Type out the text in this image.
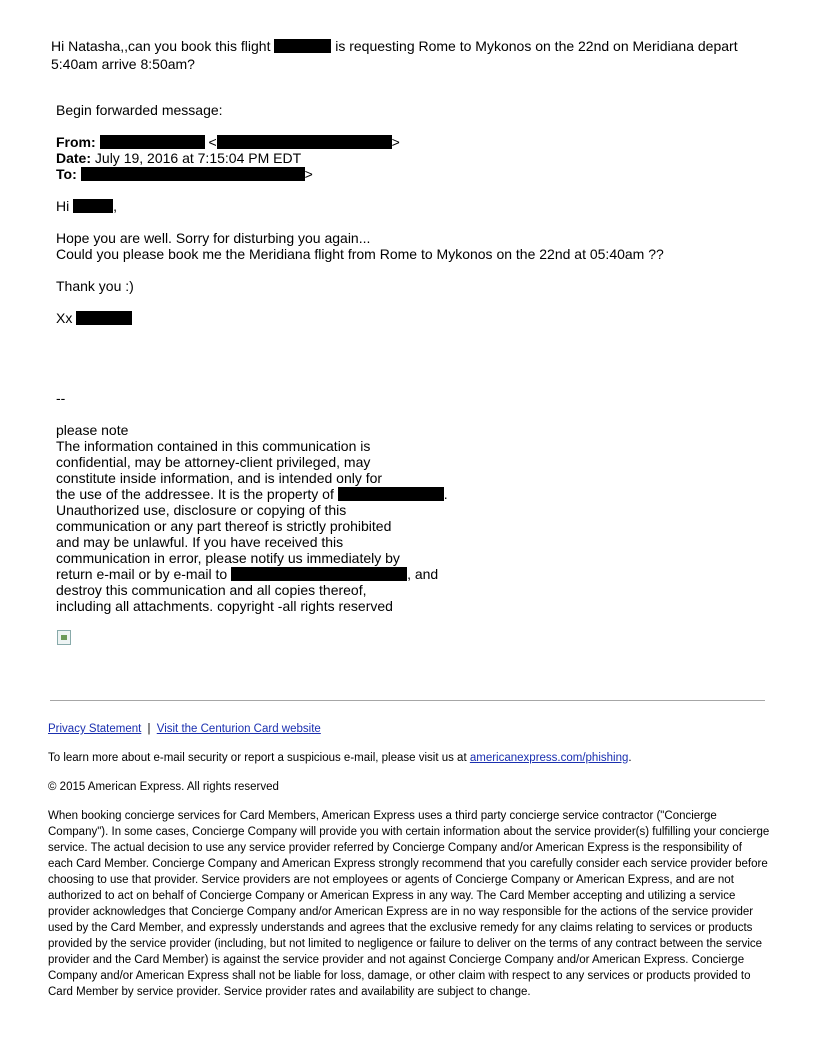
Hi Natasha,,can you book this flight	is requesting Rome to Mykonos on the 22nd on Meridiana depart
5:40am arrive 8:50am?
Begin forwarded message:
From:	<	>
Date: July 19, 2016 at 7:15:04 PM EDT
To:	>
Hi	,
Hope you are well. Sorry for disturbing you again...
Could you please book me the Meridiana flight from Rome to Mykonos on the 22nd at 05:40am ??
Thank you :)
Xx
--
please note
The information contained in this communication is
confidential, may be attorney-client privileged, may
constitute inside information, and is intended only for
the use of the addressee. It is the property of	.
Unauthorized use, disclosure or copying of this
communication or any part thereof is strictly prohibited
and may be unlawful. If you have received this
communication in error, please notify us immediately by
return e-mail or by e-mail to	, and
destroy this communication and all copies thereof,
including all attachments. copyright -all rights reserved
Privacy Statement | Visit the Centurion Card website
To learn more about e-mail security or report a suspicious e-mail, please visit us at americanexpress.com/phishing.
© 2015 American Express. All rights reserved
When booking concierge services for Card Members, American Express uses a third party concierge service contractor ("Concierge Company"). In some cases, Concierge Company will provide you with certain information about the service provider(s) fulfilling your concierge service. The actual decision to use any service provider referred by Concierge Company and/or American Express is the responsibility of each Card Member. Concierge Company and American Express strongly recommend that you carefully consider each service provider before choosing to use that provider. Service providers are not employees or agents of Concierge Company or American Express, and are not authorized to act on behalf of Concierge Company or American Express in any way. The Card Member accepting and utilizing a service provider acknowledges that Concierge Company and/or American Express are in no way responsible for the actions of the service provider used by the Card Member, and expressly understands and agrees that the exclusive remedy for any claims relating to services or products provided by the service provider (including, but not limited to negligence or failure to deliver on the terms of any contract between the service provider and the Card Member) is against the service provider and not against Concierge Company and/or American Express. Concierge Company and/or American Express shall not be liable for loss, damage, or other claim with respect to any services or products provided to Card Member by service provider. Service provider rates and availability are subject to change.
